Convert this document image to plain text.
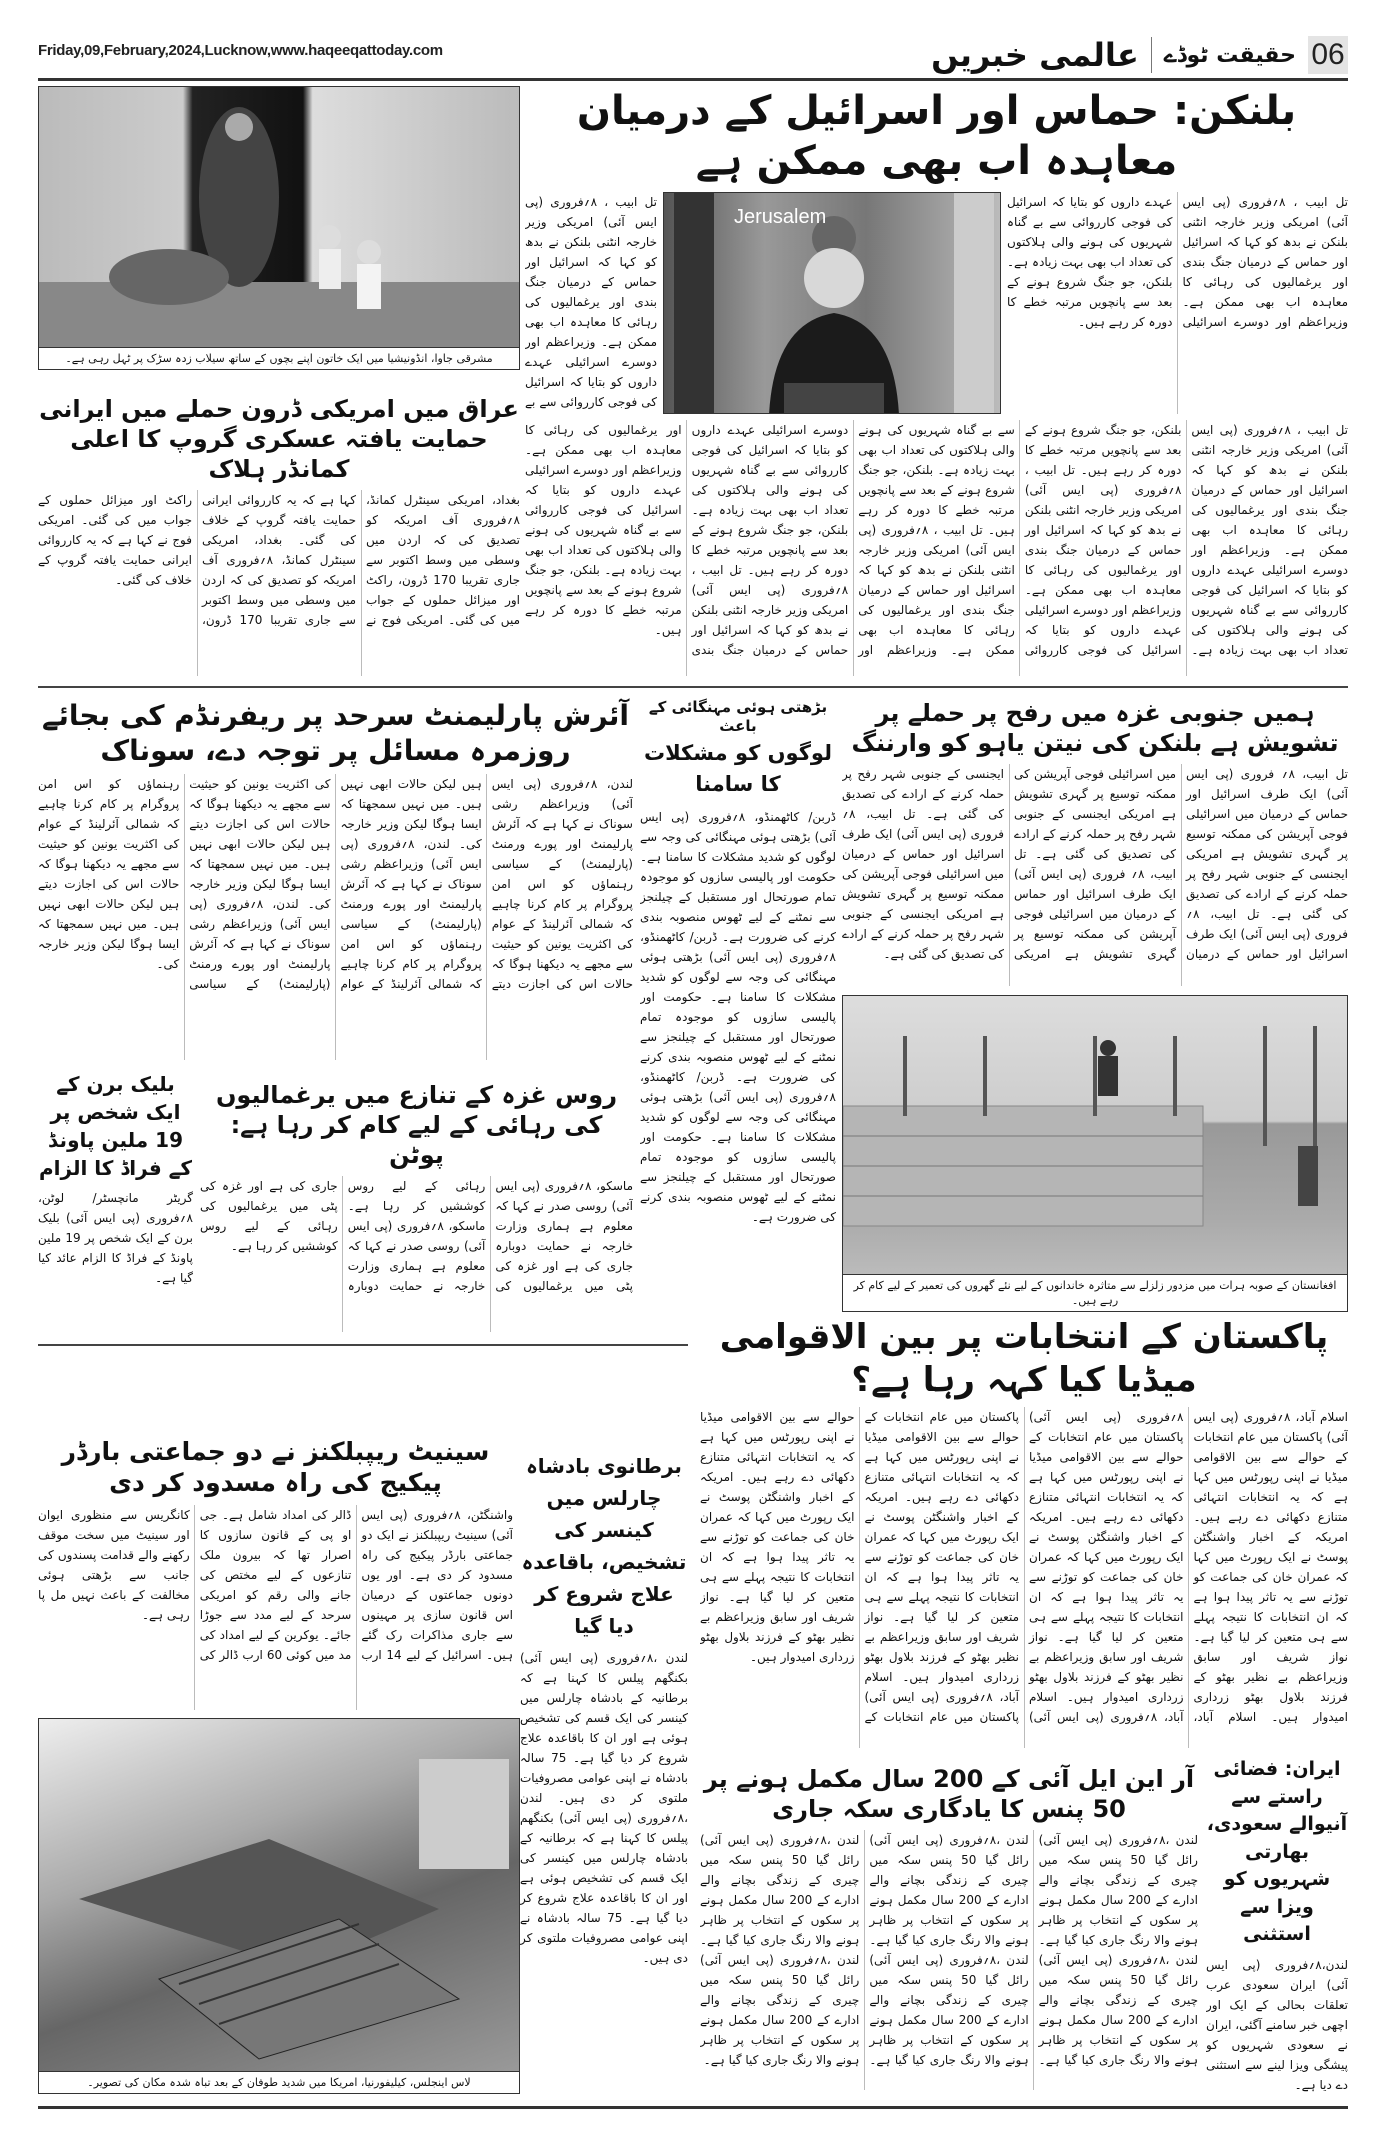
Friday,09,February,2024,Lucknow,www.haqeeqattoday.com	06
حقیقت ٹوڈے
عالمی خبریں
مشرقی جاوا، انڈونیشیا میں ایک خاتون اپنے بچوں کے ساتھ سیلاب زدہ سڑک پر ٹہل رہی ہے۔
بلنکن: حماس اور اسرائیل کے درمیان معاہدہ اب بھی ممکن ہے
تل ابیب ، ۸؍فروری (پی ایس آئی) امریکی وزیر خارجہ انٹنی بلنکن نے بدھ کو کہا کہ اسرائیل اور حماس کے درمیان جنگ بندی اور یرغمالیوں کی رہائی کا معاہدہ اب بھی ممکن ہے۔ وزیراعظم اور دوسرے اسرائیلی عہدے داروں کو بتایا کہ اسرائیل کی فوجی کارروائی سے بے گناہ شہریوں کی ہونے والی ہلاکتوں کی تعداد اب بھی بہت زیادہ ہے۔ بلنکن، جو جنگ شروع ہونے کے بعد سے پانچویں مرتبہ خطے کا دورہ کر رہے ہیں۔
Jerusalem
تل ابیب ، ۸؍فروری (پی ایس آئی) امریکی وزیر خارجہ انٹنی بلنکن نے بدھ کو کہا کہ اسرائیل اور حماس کے درمیان جنگ بندی اور یرغمالیوں کی رہائی کا معاہدہ اب بھی ممکن ہے۔ وزیراعظم اور دوسرے اسرائیلی عہدے داروں کو بتایا کہ اسرائیل کی فوجی کارروائی سے بے
تل ابیب ، ۸؍فروری (پی ایس آئی) امریکی وزیر خارجہ انٹنی بلنکن نے بدھ کو کہا کہ اسرائیل اور حماس کے درمیان جنگ بندی اور یرغمالیوں کی رہائی کا معاہدہ اب بھی ممکن ہے۔ وزیراعظم اور دوسرے اسرائیلی عہدے داروں کو بتایا کہ اسرائیل کی فوجی کارروائی سے بے گناہ شہریوں کی ہونے والی ہلاکتوں کی تعداد اب بھی بہت زیادہ ہے۔ بلنکن، جو جنگ شروع ہونے کے بعد سے پانچویں مرتبہ خطے کا دورہ کر رہے ہیں۔ تل ابیب ، ۸؍فروری (پی ایس آئی) امریکی وزیر خارجہ انٹنی بلنکن نے بدھ کو کہا کہ اسرائیل اور حماس کے درمیان جنگ بندی اور یرغمالیوں کی رہائی کا معاہدہ اب بھی ممکن ہے۔ وزیراعظم اور دوسرے اسرائیلی عہدے داروں کو بتایا کہ اسرائیل کی فوجی کارروائی سے بے گناہ شہریوں کی ہونے والی ہلاکتوں کی تعداد اب بھی بہت زیادہ ہے۔ بلنکن، جو جنگ شروع ہونے کے بعد سے پانچویں مرتبہ خطے کا دورہ کر رہے ہیں۔ تل ابیب ، ۸؍فروری (پی ایس آئی) امریکی وزیر خارجہ انٹنی بلنکن نے بدھ کو کہا کہ اسرائیل اور حماس کے درمیان جنگ بندی اور یرغمالیوں کی رہائی کا معاہدہ اب بھی ممکن ہے۔ وزیراعظم اور دوسرے اسرائیلی عہدے داروں کو بتایا کہ اسرائیل کی فوجی کارروائی سے بے گناہ شہریوں کی ہونے والی ہلاکتوں کی تعداد اب بھی بہت زیادہ ہے۔ بلنکن، جو جنگ شروع ہونے کے بعد سے پانچویں مرتبہ خطے کا دورہ کر رہے ہیں۔ تل ابیب ، ۸؍فروری (پی ایس آئی) امریکی وزیر خارجہ انٹنی بلنکن نے بدھ کو کہا کہ اسرائیل اور حماس کے درمیان جنگ بندی اور یرغمالیوں کی رہائی کا معاہدہ اب بھی ممکن ہے۔ وزیراعظم اور دوسرے اسرائیلی عہدے داروں کو بتایا کہ اسرائیل کی فوجی کارروائی سے بے گناہ شہریوں کی ہونے والی ہلاکتوں کی تعداد اب بھی بہت زیادہ ہے۔ بلنکن، جو جنگ شروع ہونے کے بعد سے پانچویں مرتبہ خطے کا دورہ کر رہے ہیں۔
عراق میں امریکی ڈرون حملے میں ایرانی حمایت یافتہ عسکری گروپ کا اعلی کمانڈر ہلاک
بغداد، امریکی سینٹرل کمانڈ، ۸؍فروری آف امریکہ کو تصدیق کی کہ اردن میں وسطی میں وسط اکتوبر سے جاری تقریبا 170 ڈرون، راکٹ اور میزائل حملوں کے جواب میں کی گئی۔ امریکی فوج نے کہا ہے کہ یہ کارروائی ایرانی حمایت یافتہ گروپ کے خلاف کی گئی۔ بغداد، امریکی سینٹرل کمانڈ، ۸؍فروری آف امریکہ کو تصدیق کی کہ اردن میں وسطی میں وسط اکتوبر سے جاری تقریبا 170 ڈرون، راکٹ اور میزائل حملوں کے جواب میں کی گئی۔ امریکی فوج نے کہا ہے کہ یہ کارروائی ایرانی حمایت یافتہ گروپ کے خلاف کی گئی۔
ہمیں جنوبی غزہ میں رفح پر حملے پر تشویش ہے بلنکن کی نیتن یاہو کو وارننگ
تل ابیب، ۸؍ فروری (پی ایس آئی) ایک طرف اسرائیل اور حماس کے درمیان میں اسرائیلی فوجی آپریشن کی ممکنہ توسیع پر گہری تشویش ہے امریکی ایجنسی کے جنوبی شہر رفح پر حملہ کرنے کے ارادے کی تصدیق کی گئی ہے۔ تل ابیب، ۸؍ فروری (پی ایس آئی) ایک طرف اسرائیل اور حماس کے درمیان میں اسرائیلی فوجی آپریشن کی ممکنہ توسیع پر گہری تشویش ہے امریکی ایجنسی کے جنوبی شہر رفح پر حملہ کرنے کے ارادے کی تصدیق کی گئی ہے۔ تل ابیب، ۸؍ فروری (پی ایس آئی) ایک طرف اسرائیل اور حماس کے درمیان میں اسرائیلی فوجی آپریشن کی ممکنہ توسیع پر گہری تشویش ہے امریکی ایجنسی کے جنوبی شہر رفح پر حملہ کرنے کے ارادے کی تصدیق کی گئی ہے۔ تل ابیب، ۸؍ فروری (پی ایس آئی) ایک طرف اسرائیل اور حماس کے درمیان میں اسرائیلی فوجی آپریشن کی ممکنہ توسیع پر گہری تشویش ہے امریکی ایجنسی کے جنوبی شہر رفح پر حملہ کرنے کے ارادے کی تصدیق کی گئی ہے۔
بڑھتی ہوئی مہنگائی کے باعث
لوگوں کو مشکلات کا سامنا
ڈربن/ کاٹھمنڈو، ۸؍فروری (پی ایس آئی) بڑھتی ہوئی مہنگائی کی وجہ سے لوگوں کو شدید مشکلات کا سامنا ہے۔ حکومت اور پالیسی سازوں کو موجودہ تمام صورتحال اور مستقبل کے چیلنجز سے نمٹنے کے لیے ٹھوس منصوبہ بندی کرنے کی ضرورت ہے۔ ڈربن/ کاٹھمنڈو، ۸؍فروری (پی ایس آئی) بڑھتی ہوئی مہنگائی کی وجہ سے لوگوں کو شدید مشکلات کا سامنا ہے۔ حکومت اور پالیسی سازوں کو موجودہ تمام صورتحال اور مستقبل کے چیلنجز سے نمٹنے کے لیے ٹھوس منصوبہ بندی کرنے کی ضرورت ہے۔ ڈربن/ کاٹھمنڈو، ۸؍فروری (پی ایس آئی) بڑھتی ہوئی مہنگائی کی وجہ سے لوگوں کو شدید مشکلات کا سامنا ہے۔ حکومت اور پالیسی سازوں کو موجودہ تمام صورتحال اور مستقبل کے چیلنجز سے نمٹنے کے لیے ٹھوس منصوبہ بندی کرنے کی ضرورت ہے۔
آئرش پارلیمنٹ سرحد پر ریفرنڈم کی بجائے روزمرہ مسائل پر توجہ دے، سوناک
لندن، ۸؍فروری (پی ایس آئی) وزیراعظم رشی سوناک نے کہا ہے کہ آئرش پارلیمنٹ اور پورے ورمنٹ (پارلیمنٹ) کے سیاسی رہنماؤں کو اس امن پروگرام پر کام کرنا چاہیے کہ شمالی آئرلینڈ کے عوام کی اکثریت یونین کو حیثیت سے مجھے یہ دیکھنا ہوگا کہ حالات اس کی اجازت دیتے ہیں لیکن حالات ابھی نہیں ہیں۔ میں نہیں سمجھتا کہ ایسا ہوگا لیکن وزیر خارجہ کی۔ لندن، ۸؍فروری (پی ایس آئی) وزیراعظم رشی سوناک نے کہا ہے کہ آئرش پارلیمنٹ اور پورے ورمنٹ (پارلیمنٹ) کے سیاسی رہنماؤں کو اس امن پروگرام پر کام کرنا چاہیے کہ شمالی آئرلینڈ کے عوام کی اکثریت یونین کو حیثیت سے مجھے یہ دیکھنا ہوگا کہ حالات اس کی اجازت دیتے ہیں لیکن حالات ابھی نہیں ہیں۔ میں نہیں سمجھتا کہ ایسا ہوگا لیکن وزیر خارجہ کی۔ لندن، ۸؍فروری (پی ایس آئی) وزیراعظم رشی سوناک نے کہا ہے کہ آئرش پارلیمنٹ اور پورے ورمنٹ (پارلیمنٹ) کے سیاسی رہنماؤں کو اس امن پروگرام پر کام کرنا چاہیے کہ شمالی آئرلینڈ کے عوام کی اکثریت یونین کو حیثیت سے مجھے یہ دیکھنا ہوگا کہ حالات اس کی اجازت دیتے ہیں لیکن حالات ابھی نہیں ہیں۔ میں نہیں سمجھتا کہ ایسا ہوگا لیکن وزیر خارجہ کی۔
افغانستان کے صوبہ ہرات میں مزدور زلزلے سے متاثرہ خاندانوں کے لیے نئے گھروں کی تعمیر کے لیے کام کر رہے ہیں۔
روس غزہ کے تنازع میں یرغمالیوں کی رہائی کے لیے کام کر رہا ہے: پوٹن
ماسکو، ۸؍فروری (پی ایس آئی) روسی صدر نے کہا کہ معلوم ہے ہماری وزارت خارجہ نے حمایت دوبارہ جاری کی ہے اور غزہ کی پٹی میں یرغمالیوں کی رہائی کے لیے روس کوششیں کر رہا ہے۔ ماسکو، ۸؍فروری (پی ایس آئی) روسی صدر نے کہا کہ معلوم ہے ہماری وزارت خارجہ نے حمایت دوبارہ جاری کی ہے اور غزہ کی پٹی میں یرغمالیوں کی رہائی کے لیے روس کوششیں کر رہا ہے۔
بلیک برن کے ایک شخص پر 19 ملین پاونڈ کے فراڈ کا الزام
گریٹر مانچسٹر/ لوٹن، ۸؍فروری (پی ایس آئی) بلیک برن کے ایک شخص پر 19 ملین پاونڈ کے فراڈ کا الزام عائد کیا گیا ہے۔
پاکستان کے انتخابات پر بین الاقوامی میڈیا کیا کہہ رہا ہے؟
اسلام آباد، ۸؍فروری (پی ایس آئی) پاکستان میں عام انتخابات کے حوالے سے بین الاقوامی میڈیا نے اپنی رپورٹس میں کہا ہے کہ یہ انتخابات انتہائی متنازع دکھائی دے رہے ہیں۔ امریکہ کے اخبار واشنگٹن پوسٹ نے ایک رپورٹ میں کہا کہ عمران خان کی جماعت کو توڑنے سے یہ تاثر پیدا ہوا ہے کہ ان انتخابات کا نتیجہ پہلے سے ہی متعین کر لیا گیا ہے۔ نواز شریف اور سابق وزیراعظم بے نظیر بھٹو کے فرزند بلاول بھٹو زرداری امیدوار ہیں۔ اسلام آباد، ۸؍فروری (پی ایس آئی) پاکستان میں عام انتخابات کے حوالے سے بین الاقوامی میڈیا نے اپنی رپورٹس میں کہا ہے کہ یہ انتخابات انتہائی متنازع دکھائی دے رہے ہیں۔ امریکہ کے اخبار واشنگٹن پوسٹ نے ایک رپورٹ میں کہا کہ عمران خان کی جماعت کو توڑنے سے یہ تاثر پیدا ہوا ہے کہ ان انتخابات کا نتیجہ پہلے سے ہی متعین کر لیا گیا ہے۔ نواز شریف اور سابق وزیراعظم بے نظیر بھٹو کے فرزند بلاول بھٹو زرداری امیدوار ہیں۔ اسلام آباد، ۸؍فروری (پی ایس آئی) پاکستان میں عام انتخابات کے حوالے سے بین الاقوامی میڈیا نے اپنی رپورٹس میں کہا ہے کہ یہ انتخابات انتہائی متنازع دکھائی دے رہے ہیں۔ امریکہ کے اخبار واشنگٹن پوسٹ نے ایک رپورٹ میں کہا کہ عمران خان کی جماعت کو توڑنے سے یہ تاثر پیدا ہوا ہے کہ ان انتخابات کا نتیجہ پہلے سے ہی متعین کر لیا گیا ہے۔ نواز شریف اور سابق وزیراعظم بے نظیر بھٹو کے فرزند بلاول بھٹو زرداری امیدوار ہیں۔ اسلام آباد، ۸؍فروری (پی ایس آئی) پاکستان میں عام انتخابات کے حوالے سے بین الاقوامی میڈیا نے اپنی رپورٹس میں کہا ہے کہ یہ انتخابات انتہائی متنازع دکھائی دے رہے ہیں۔ امریکہ کے اخبار واشنگٹن پوسٹ نے ایک رپورٹ میں کہا کہ عمران خان کی جماعت کو توڑنے سے یہ تاثر پیدا ہوا ہے کہ ان انتخابات کا نتیجہ پہلے سے ہی متعین کر لیا گیا ہے۔ نواز شریف اور سابق وزیراعظم بے نظیر بھٹو کے فرزند بلاول بھٹو زرداری امیدوار ہیں۔
سینیٹ ریپبلکنز نے دو جماعتی بارڈر پیکیج کی راہ مسدود کر دی
واشنگٹن، ۸؍فروری (پی ایس آئی) سینیٹ ریپبلکنز نے ایک دو جماعتی بارڈر پیکیج کی راہ مسدود کر دی ہے۔ اور یوں دونوں جماعتوں کے درمیان اس قانون سازی پر مہینوں سے جاری مذاکرات رک گئے ہیں۔ اسرائیل کے لیے 14 ارب ڈالر کی امداد شامل ہے۔ جی او پی کے قانون سازوں کا اصرار تھا کہ بیرون ملک تنازعوں کے لیے مختص کی جانے والی رقم کو امریکی سرحد کے لیے مدد سے جوڑا جائے۔ یوکرین کے لیے امداد کی مد میں کوئی 60 ارب ڈالر کی کانگریس سے منظوری ایوان اور سینیٹ میں سخت موقف رکھنے والے قدامت پسندوں کی جانب سے بڑھتی ہوئی مخالفت کے باعث نہیں مل پا رہی ہے۔
برطانوی بادشاہ چارلس میں کینسر کی تشخیص، باقاعدہ علاج شروع کر دیا گیا
لندن ،۸؍فروری (پی ایس آئی) بکنگھم پیلس کا کہنا ہے کہ برطانیہ کے بادشاہ چارلس میں کینسر کی ایک قسم کی تشخیص ہوئی ہے اور ان کا باقاعدہ علاج شروع کر دیا گیا ہے۔ 75 سالہ بادشاہ نے اپنی عوامی مصروفیات ملتوی کر دی ہیں۔ لندن ،۸؍فروری (پی ایس آئی) بکنگھم پیلس کا کہنا ہے کہ برطانیہ کے بادشاہ چارلس میں کینسر کی ایک قسم کی تشخیص ہوئی ہے اور ان کا باقاعدہ علاج شروع کر دیا گیا ہے۔ 75 سالہ بادشاہ نے اپنی عوامی مصروفیات ملتوی کر دی ہیں۔
لاس اینجلس، کیلیفورنیا، امریکا میں شدید طوفان کے بعد تباہ شدہ مکان کی تصویر۔
آر این ایل آئی کے 200 سال مکمل ہونے پر 50 پنس کا یادگاری سکہ جاری
لندن ،۸؍فروری (پی ایس آئی) رائل گیا 50 پنس سکہ میں چیری کے زندگی بچانے والے ادارے کے 200 سال مکمل ہونے پر سکوں کے انتخاب پر ظاہر ہونے والا رنگ جاری کیا گیا ہے۔ لندن ،۸؍فروری (پی ایس آئی) رائل گیا 50 پنس سکہ میں چیری کے زندگی بچانے والے ادارے کے 200 سال مکمل ہونے پر سکوں کے انتخاب پر ظاہر ہونے والا رنگ جاری کیا گیا ہے۔ لندن ،۸؍فروری (پی ایس آئی) رائل گیا 50 پنس سکہ میں چیری کے زندگی بچانے والے ادارے کے 200 سال مکمل ہونے پر سکوں کے انتخاب پر ظاہر ہونے والا رنگ جاری کیا گیا ہے۔ لندن ،۸؍فروری (پی ایس آئی) رائل گیا 50 پنس سکہ میں چیری کے زندگی بچانے والے ادارے کے 200 سال مکمل ہونے پر سکوں کے انتخاب پر ظاہر ہونے والا رنگ جاری کیا گیا ہے۔ لندن ،۸؍فروری (پی ایس آئی) رائل گیا 50 پنس سکہ میں چیری کے زندگی بچانے والے ادارے کے 200 سال مکمل ہونے پر سکوں کے انتخاب پر ظاہر ہونے والا رنگ جاری کیا گیا ہے۔ لندن ،۸؍فروری (پی ایس آئی) رائل گیا 50 پنس سکہ میں چیری کے زندگی بچانے والے ادارے کے 200 سال مکمل ہونے پر سکوں کے انتخاب پر ظاہر ہونے والا رنگ جاری کیا گیا ہے۔
ایران: فضائی راستے سے آنیوالے سعودی، بھارتی شہریوں کو ویزا سے استثنی
لندن،۸؍فروری (پی ایس آئی) ایران سعودی عرب تعلقات بحالی کے ایک اور اچھی خبر سامنے آگئی، ایران نے سعودی شہریوں کو پیشگی ویزا لینے سے استثنی دے دیا ہے۔
